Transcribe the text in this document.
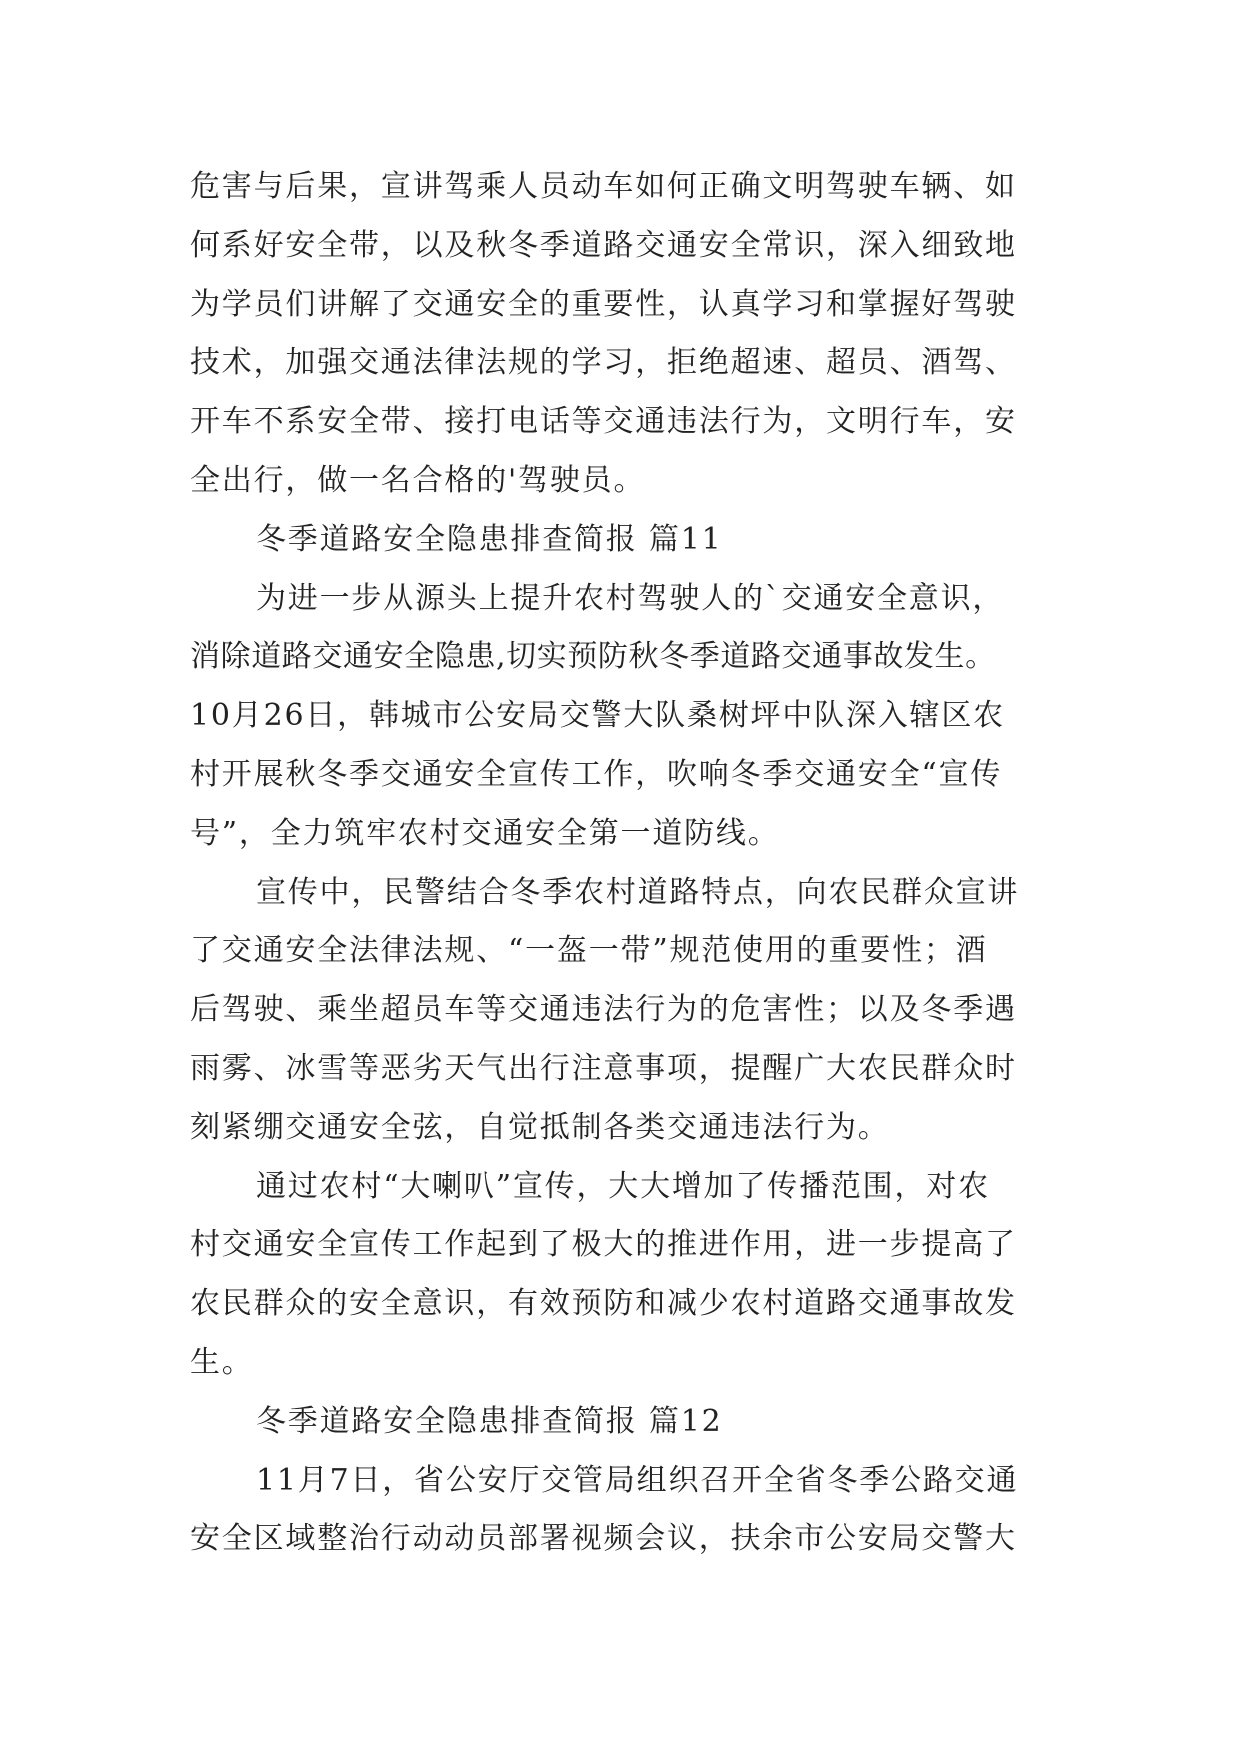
危害与后果，宣讲驾乘人员动车如何正确文明驾驶车辆、如
何系好安全带，以及秋冬季道路交通安全常识，深入细致地
为学员们讲解了交通安全的重要性，认真学习和掌握好驾驶
技术，加强交通法律法规的学习，拒绝超速、超员、酒驾、
开车不系安全带、接打电话等交通违法行为，文明行车，安
全出行，做一名合格的'驾驶员。
冬季道路安全隐患排查简报 篇11
为进一步从源头上提升农村驾驶人的`交通安全意识，
消除道路交通安全隐患,切实预防秋冬季道路交通事故发生。
10月26日，韩城市公安局交警大队桑树坪中队深入辖区农
村开展秋冬季交通安全宣传工作，吹响冬季交通安全“宣传
号”，全力筑牢农村交通安全第一道防线。
宣传中，民警结合冬季农村道路特点，向农民群众宣讲
了交通安全法律法规、“一盔一带”规范使用的重要性；酒
后驾驶、乘坐超员车等交通违法行为的危害性；以及冬季遇
雨雾、冰雪等恶劣天气出行注意事项，提醒广大农民群众时
刻紧绷交通安全弦，自觉抵制各类交通违法行为。
通过农村“大喇叭”宣传，大大增加了传播范围，对农
村交通安全宣传工作起到了极大的推进作用，进一步提高了
农民群众的安全意识，有效预防和减少农村道路交通事故发
生。
冬季道路安全隐患排查简报 篇12
11月7日，省公安厅交管局组织召开全省冬季公路交通
安全区域整治行动动员部署视频会议，扶余市公安局交警大
